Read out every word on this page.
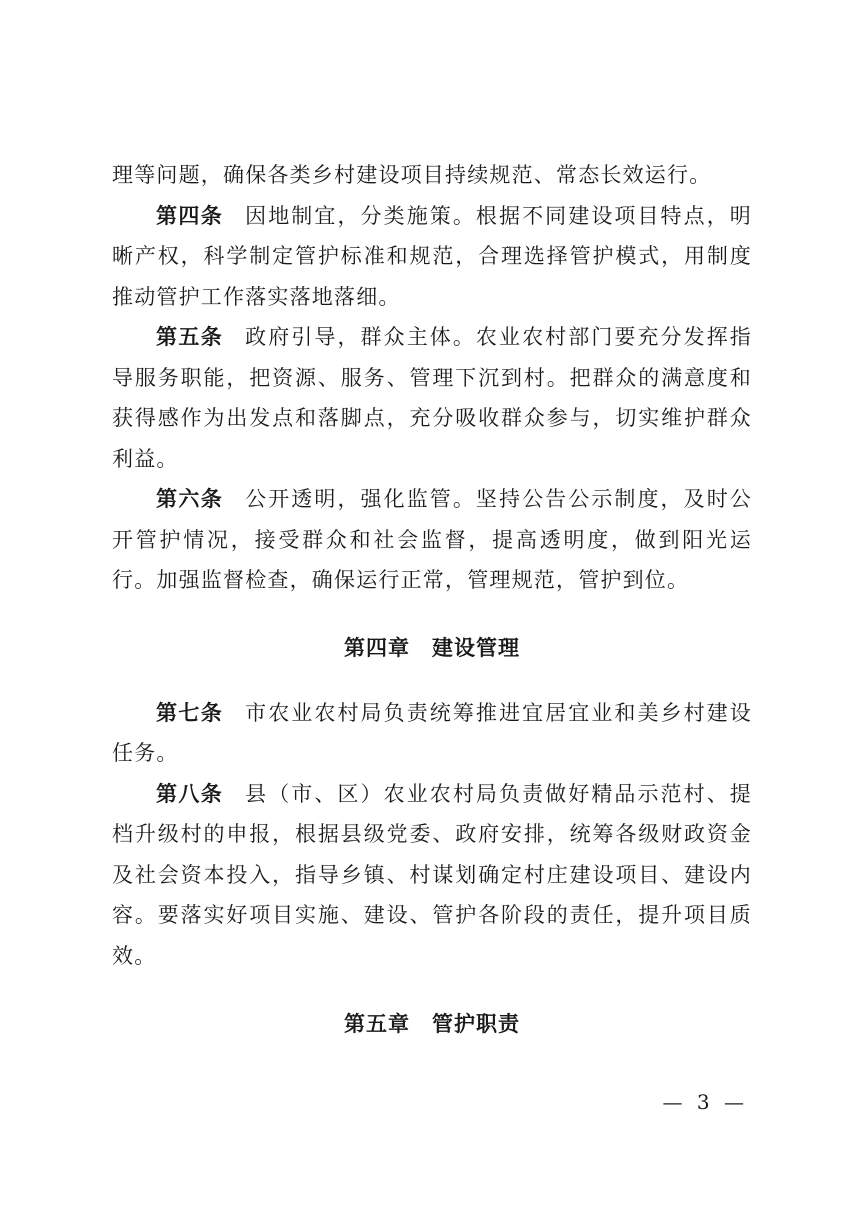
理等问题，确保各类乡村建设项目持续规范、常态长效运行。

第四条 因地制宜，分类施策。根据不同建设项目特点，明晰产权，科学制定管护标准和规范，合理选择管护模式，用制度推动管护工作落实落地落细。

第五条 政府引导，群众主体。农业农村部门要充分发挥指导服务职能，把资源、服务、管理下沉到村。把群众的满意度和获得感作为出发点和落脚点，充分吸收群众参与，切实维护群众利益。

第六条 公开透明，强化监管。坚持公告公示制度，及时公开管护情况，接受群众和社会监督，提高透明度，做到阳光运行。加强监督检查，确保运行正常，管理规范，管护到位。

第四章 建设管理

第七条 市农业农村局负责统筹推进宜居宜业和美乡村建设任务。

第八条 县（市、区）农业农村局负责做好精品示范村、提档升级村的申报，根据县级党委、政府安排，统筹各级财政资金及社会资本投入，指导乡镇、村谋划确定村庄建设项目、建设内容。要落实好项目实施、建设、管护各阶段的责任，提升项目质效。

第五章 管护职责
— 3 —
